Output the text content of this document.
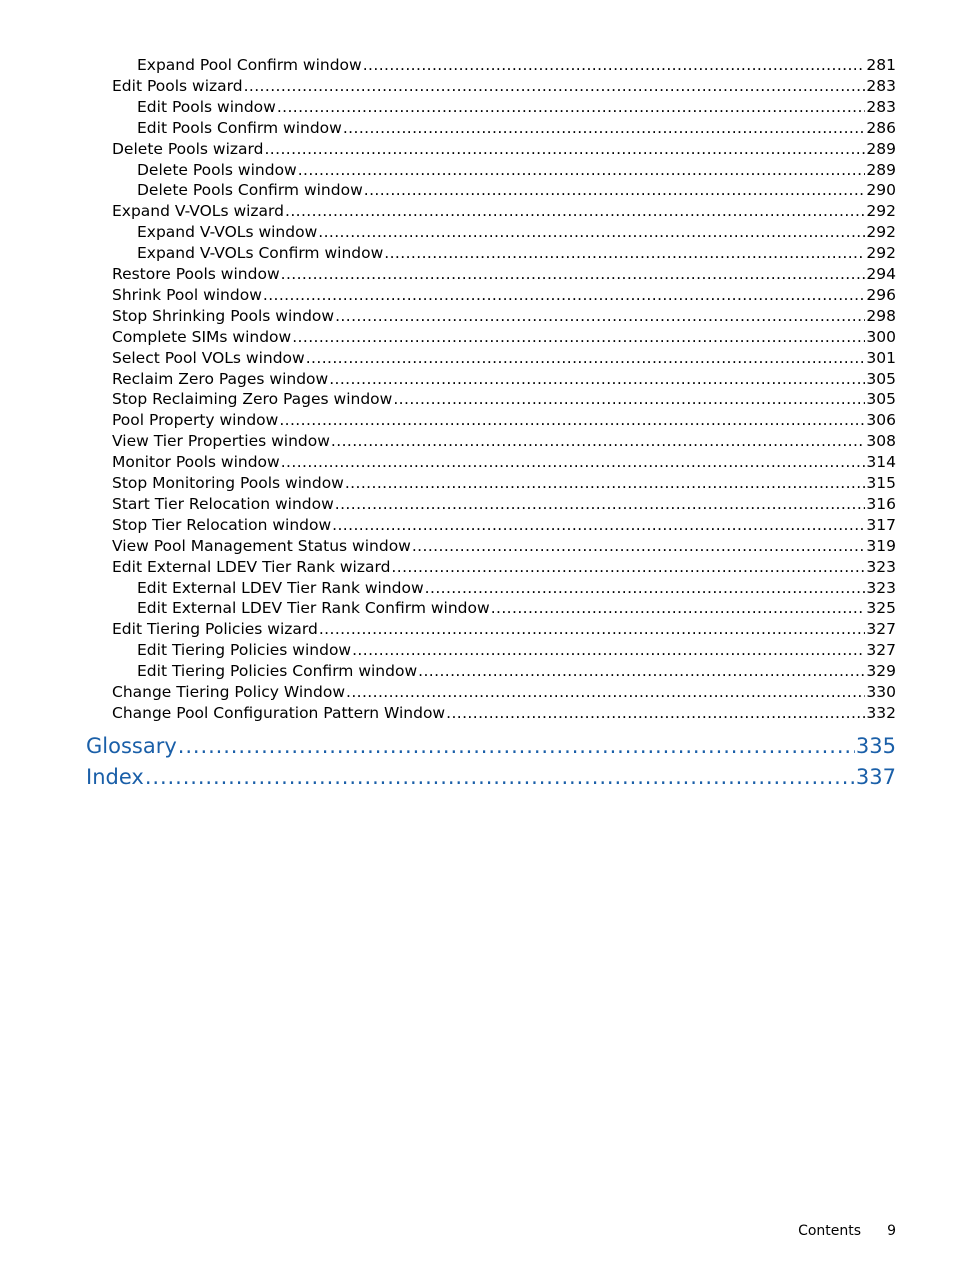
Expand Pool Confirm window .....	281
Edit Pools wizard .....	283
Edit Pools window .....	283
Edit Pools Confirm window .....	286
Delete Pools wizard .....	289
Delete Pools window .....	289
Delete Pools Confirm window .....	290
Expand V-VOLs wizard .....	292
Expand V-VOLs window .....	292
Expand V-VOLs Confirm window .....	292
Restore Pools window .....	294
Shrink Pool window .....	296
Stop Shrinking Pools window .....	298
Complete SIMs window .....	300
Select Pool VOLs window .....	301
Reclaim Zero Pages window .....	305
Stop Reclaiming Zero Pages window .....	305
Pool Property window .....	306
View Tier Properties window .....	308
Monitor Pools window .....	314
Stop Monitoring Pools window .....	315
Start Tier Relocation window .....	316
Stop Tier Relocation window .....	317
View Pool Management Status window .....	319
Edit External LDEV Tier Rank wizard .....	323
Edit External LDEV Tier Rank window .....	323
Edit External LDEV Tier Rank Confirm window .....	325
Edit Tiering Policies wizard .....	327
Edit Tiering Policies window .....	327
Edit Tiering Policies Confirm window .....	329
Change Tiering Policy Window .....	330
Change Pool Configuration Pattern Window .....	332
Glossary .....	335
Index .....	337
Contents 9
